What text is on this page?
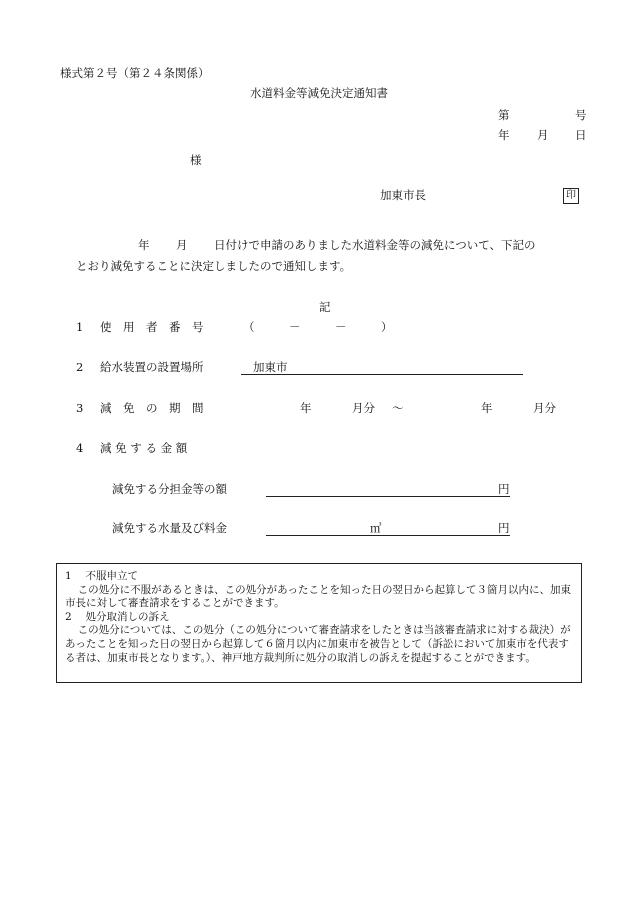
様式第２号（第２４条関係）
水道料金等減免決定通知書
第	号
年 月 日
様
加東市長	印
年 月 日付けで申請のありました水道料金等の減免について、下記の
とおり減免することに決定しましたので通知します。
記
1 使　用　者　番　号	（　　　－　　　－　　　）
2 給水装置の設置場所	加東市
3 減　免　の　期　間	年	月分 ～	年	月分
4 減 免 す る 金 額
減免する分担金等の額	円
減免する水量及び料金	㎥	円

1　 不服申立て

この処分に不服があるときは、この処分があったことを知った日の翌日から起算して３箇月以内に、加東市長に対して審査請求をすることができます。

2　 処分取消しの訴え

この処分については、この処分（この処分について審査請求をしたときは当該審査請求に対する裁決）があったことを知った日の翌日から起算して６箇月以内に加東市を被告として（訴訟において加東市を代表する者は、加東市長となります。）、神戸地方裁判所に処分の取消しの訴えを提起することができます。
